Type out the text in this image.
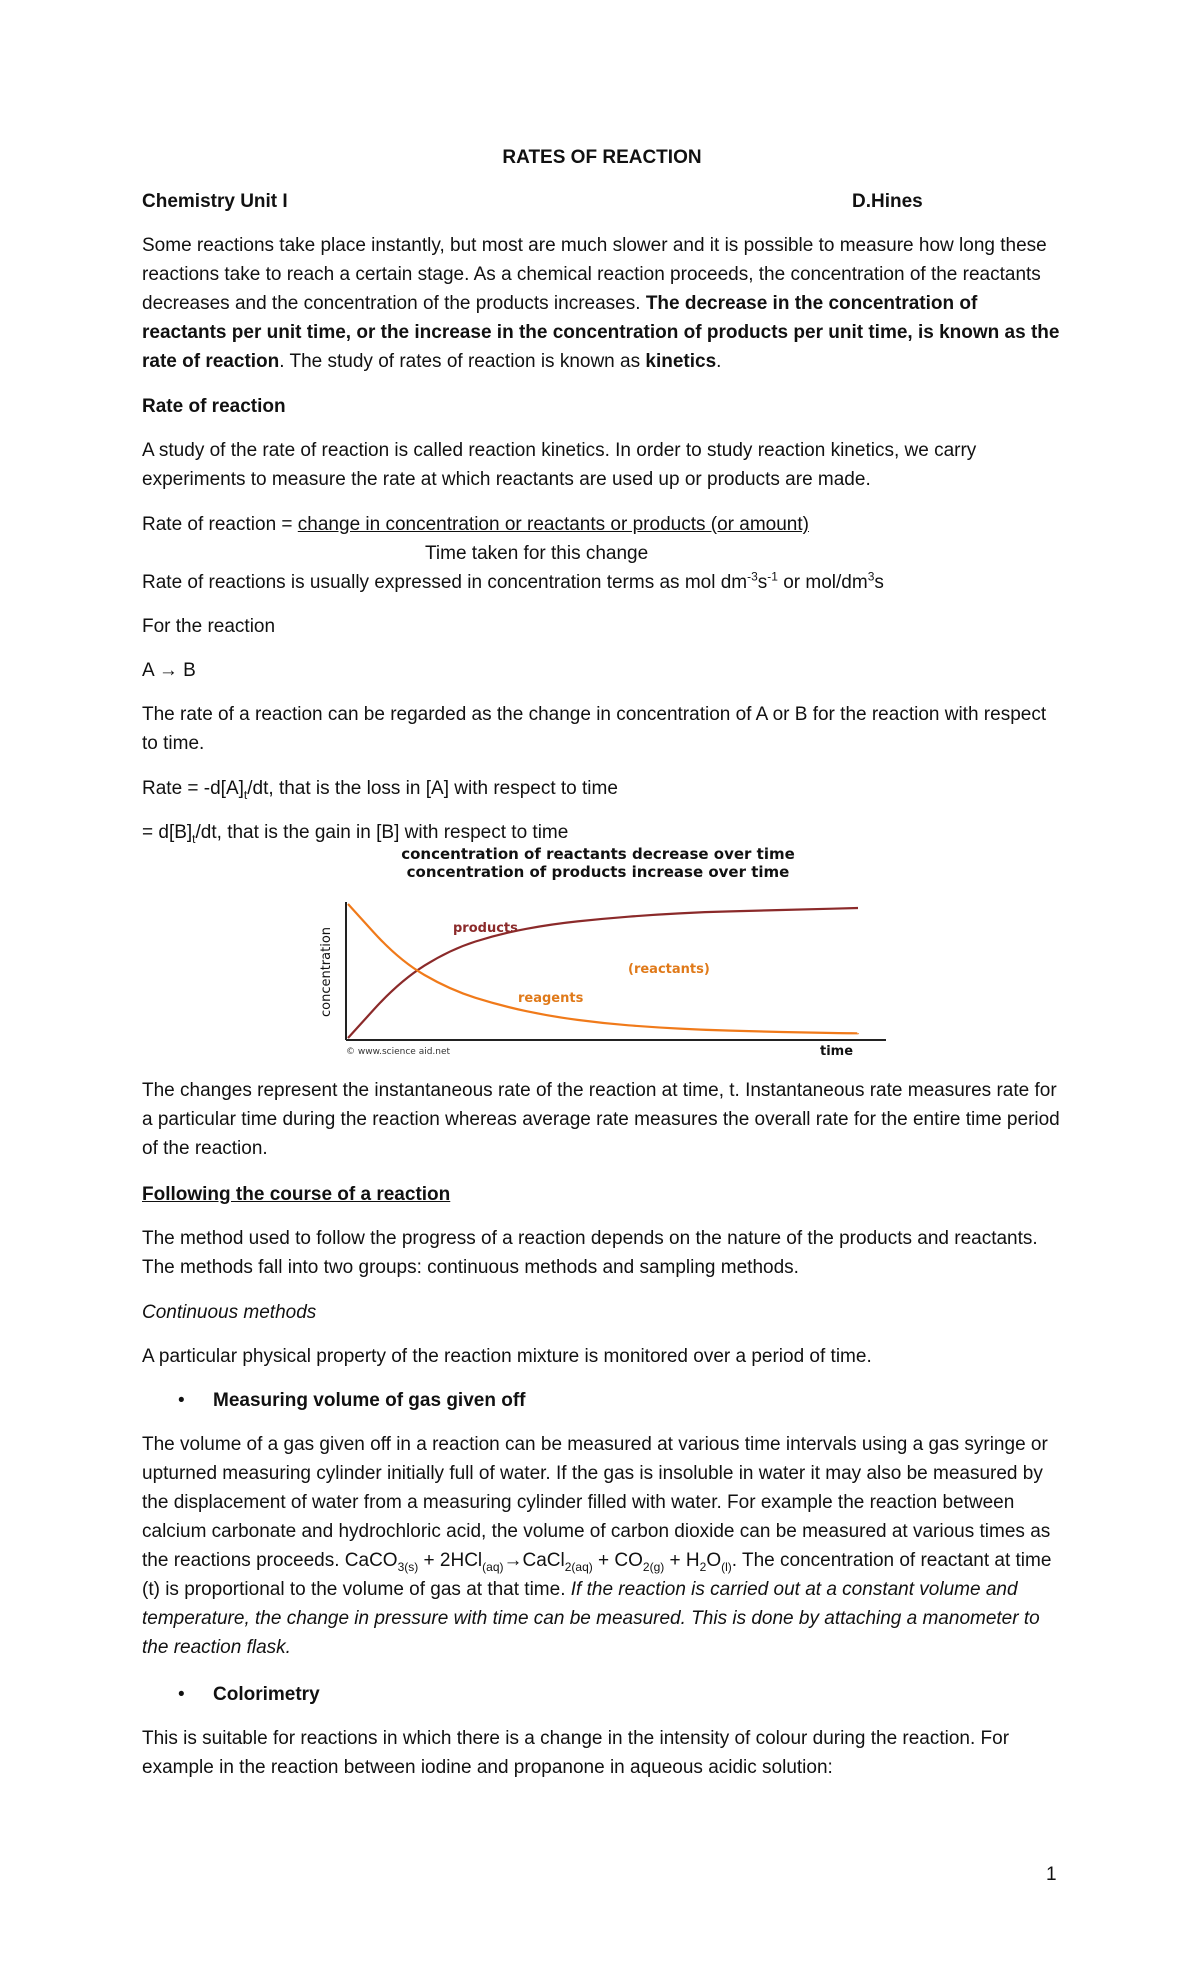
RATES OF REACTION

Chemistry Unit I	D.Hines

Some reactions take place instantly, but most are much slower and it is possible to measure how long these reactions take to reach a certain stage. As a chemical reaction proceeds, the concentration of the reactants decreases and the concentration of the products increases. The decrease in the concentration of reactants per unit time, or the increase in the concentration of products per unit time, is known as the rate of reaction. The study of rates of reaction is known as kinetics.

Rate of reaction

A study of the rate of reaction is called reaction kinetics. In order to study reaction kinetics, we carry experiments to measure the rate at which reactants are used up or products are made.

Rate of reaction = change in concentration or reactants or products (or amount)

Time taken for this change

Rate of reactions is usually expressed in concentration terms as mol $dm^{-3}s^{-1}$ or mol/$dm^3s$

For the reaction

A → B

The rate of a reaction can be regarded as the change in concentration of A or B for the reaction with respect to time.

Rate = $-d[A]_t/dt$, that is the loss in [A] with respect to time

= $d[B]_t/dt$, that is the gain in [B] with respect to time

concentration of reactants decrease over time
concentration of products increase over time
concentration	products
(reactants)
reagents
© www.science aid.net	time

The changes represent the instantaneous rate of the reaction at time, t. Instantaneous rate measures rate for a particular time during the reaction whereas average rate measures the overall rate for the entire time period of the reaction.

Following the course of a reaction

The method used to follow the progress of a reaction depends on the nature of the products and reactants. The methods fall into two groups: continuous methods and sampling methods.

Continuous methods

A particular physical property of the reaction mixture is monitored over a period of time.

•	Measuring volume of gas given off

The volume of a gas given off in a reaction can be measured at various time intervals using a gas syringe or upturned measuring cylinder initially full of water. If the gas is insoluble in water it may also be measured by the displacement of water from a measuring cylinder filled with water. For example the reaction between calcium carbonate and hydrochloric acid, the volume of carbon dioxide can be measured at various times as the reactions proceeds. CaCO$_{3(s)}$ + 2HCl$_{(aq)}$→CaCl$_{2(aq)}$ + $CO_{2(g)} + H_2O_{(l)}$. The concentration of reactant at time (t) is proportional to the volume of gas at that time. If the reaction is carried out at a constant volume and temperature, the change in pressure with time can be measured. This is done by attaching a manometer to the reaction flask.

•	Colorimetry

This is suitable for reactions in which there is a change in the intensity of colour during the reaction. For example in the reaction between iodine and propanone in aqueous acidic solution:

1
